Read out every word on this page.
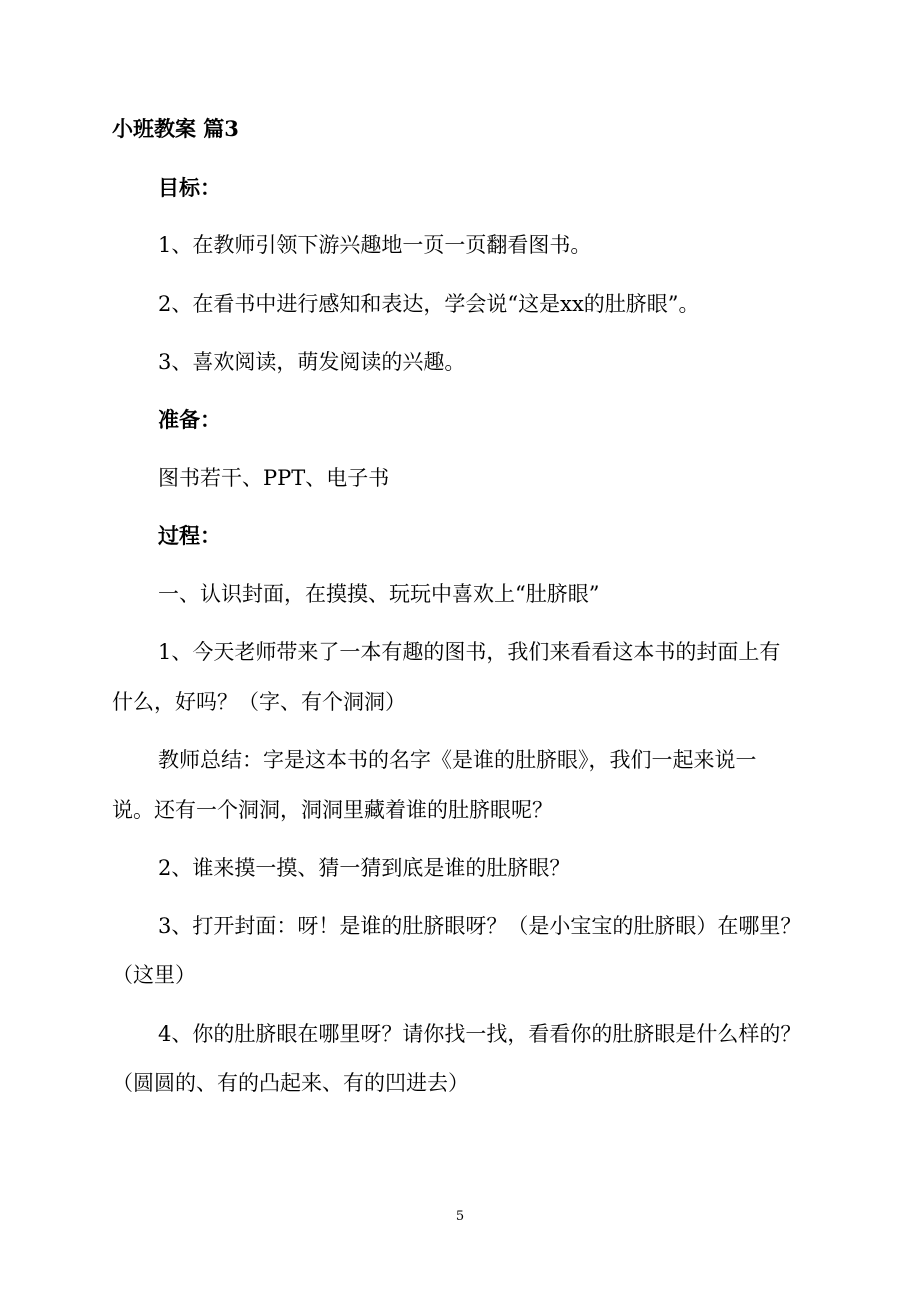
小班教案 篇3
目标：
1、在教师引领下游兴趣地一页一页翻看图书。
2、在看书中进行感知和表达，学会说“这是xx的肚脐眼”。
3、喜欢阅读，萌发阅读的兴趣。
准备：
图书若干、PPT、电子书
过程：
一、认识封面，在摸摸、玩玩中喜欢上“肚脐眼”
1、今天老师带来了一本有趣的图书，我们来看看这本书的封面上有
什么，好吗？（字、有个洞洞）
教师总结：字是这本书的名字《是谁的肚脐眼》，我们一起来说一
说。还有一个洞洞，洞洞里藏着谁的肚脐眼呢？
2、谁来摸一摸、猜一猜到底是谁的肚脐眼？
3、打开封面：呀！是谁的肚脐眼呀？（是小宝宝的肚脐眼）在哪里？
（这里）
4、你的肚脐眼在哪里呀？请你找一找，看看你的肚脐眼是什么样的？
（圆圆的、有的凸起来、有的凹进去）
5
